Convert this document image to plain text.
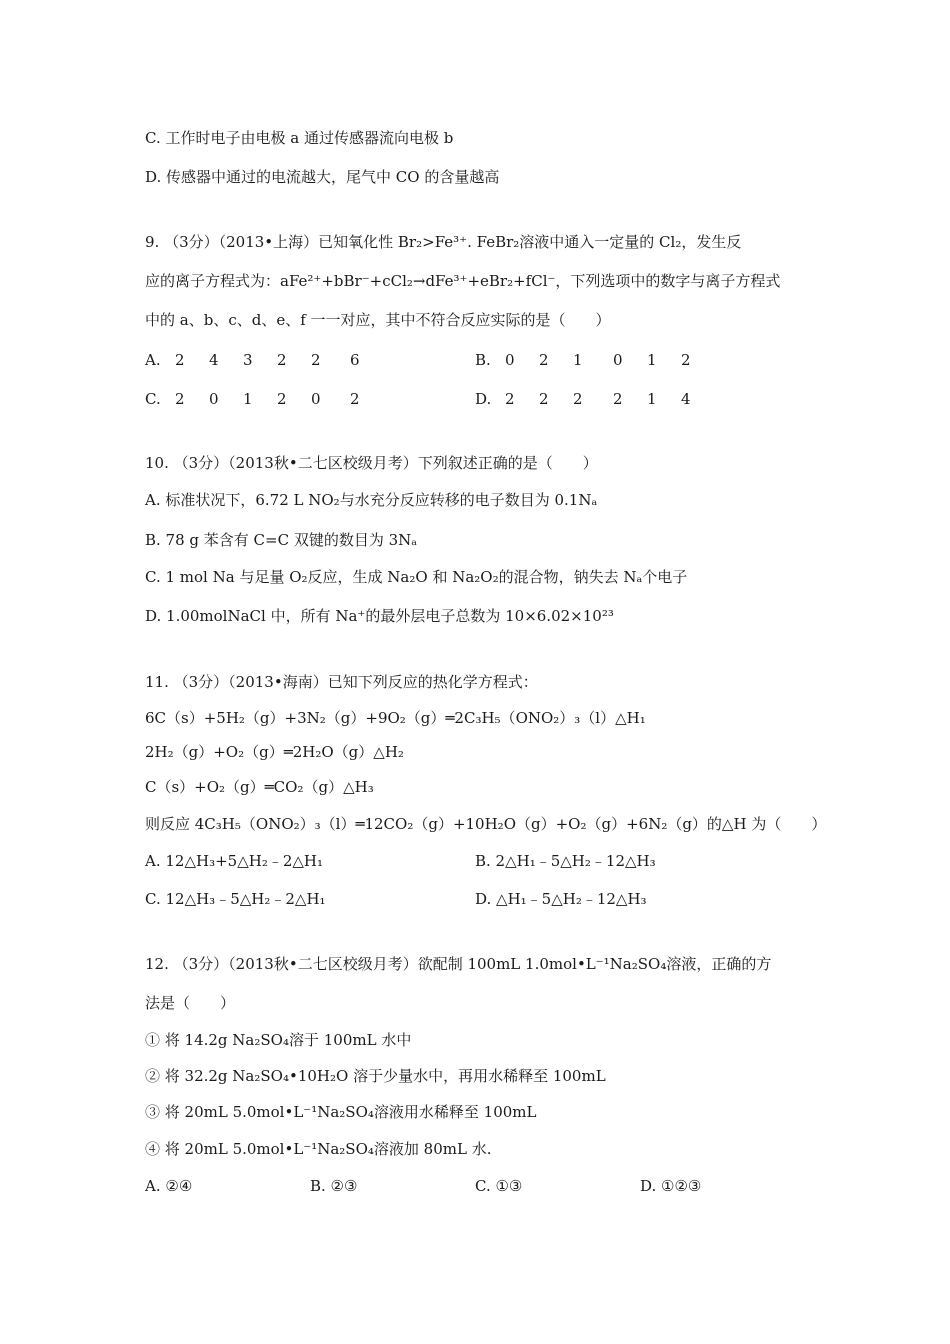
C. 工作时电子由电极 a 通过传感器流向电极 b
D. 传感器中通过的电流越大，尾气中 CO 的含量越高
9. （3分）（2013•上海）已知氧化性 Br₂>Fe³⁺. FeBr₂溶液中通入一定量的 Cl₂，发生反
应的离子方程式为：aFe²⁺+bBr⁻+cCl₂→dFe³⁺+eBr₂+fCl⁻，下列选项中的数字与离子方程式
中的 a、b、c、d、e、f 一一对应，其中不符合反应实际的是（　　）
A. 2 4 3 2 2 6	B. 0 2 1 0 1 2
C. 2 0 1 2 0 2	D. 2 2 2 2 1 4
10. （3分）（2013秋•二七区校级月考）下列叙述正确的是（　　）
A. 标准状况下，6.72 L NO₂与水充分反应转移的电子数目为 0.1Nₐ
B. 78 g 苯含有 C=C 双键的数目为 3Nₐ
C. 1 mol Na 与足量 O₂反应，生成 Na₂O 和 Na₂O₂的混合物，钠失去 Nₐ个电子
D. 1.00molNaCl 中，所有 Na⁺的最外层电子总数为 10×6.02×10²³
11. （3分）（2013•海南）已知下列反应的热化学方程式：
6C（s）+5H₂（g）+3N₂（g）+9O₂（g）═2C₃H₅（ONO₂）₃（l）△H₁
2H₂（g）+O₂（g）═2H₂O（g）△H₂
C（s）+O₂（g）═CO₂（g）△H₃
则反应 4C₃H₅（ONO₂）₃（l）═12CO₂（g）+10H₂O（g）+O₂（g）+6N₂（g）的△H 为（　　）
A. 12△H₃+5△H₂﹣2△H₁	B. 2△H₁﹣5△H₂﹣12△H₃
C. 12△H₃﹣5△H₂﹣2△H₁	D. △H₁﹣5△H₂﹣12△H₃
12. （3分）（2013秋•二七区校级月考）欲配制 100mL 1.0mol•L⁻¹Na₂SO₄溶液，正确的方
法是（　　）
① 将 14.2g Na₂SO₄溶于 100mL 水中
② 将 32.2g Na₂SO₄•10H₂O 溶于少量水中，再用水稀释至 100mL
③ 将 20mL 5.0mol•L⁻¹Na₂SO₄溶液用水稀释至 100mL
④ 将 20mL 5.0mol•L⁻¹Na₂SO₄溶液加 80mL 水.
A. ②④	B. ②③	C. ①③	D. ①②③
